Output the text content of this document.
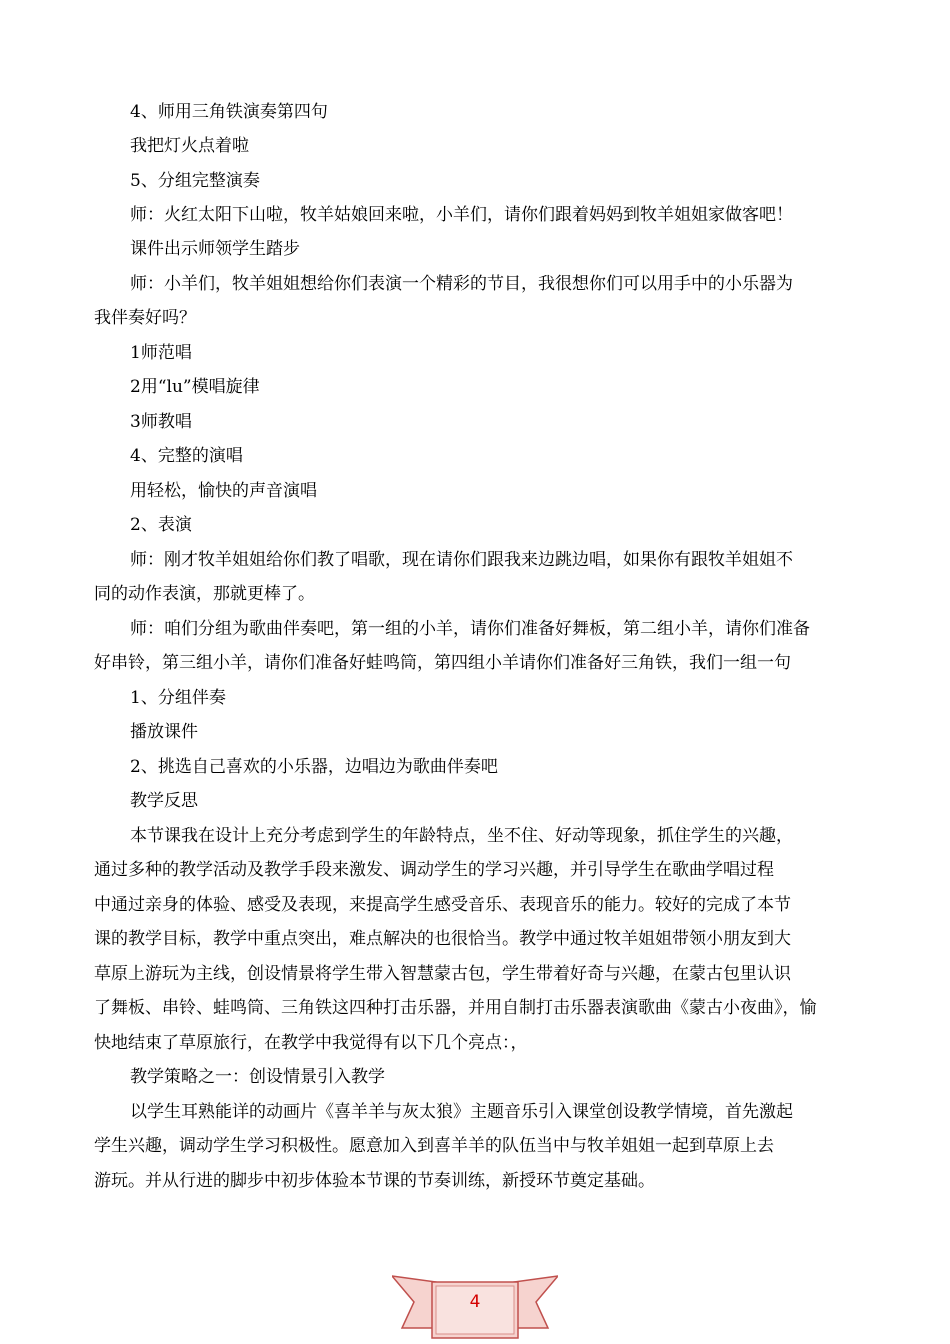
4、师用三角铁演奏第四句

我把灯火点着啦

5、分组完整演奏

师：火红太阳下山啦，牧羊姑娘回来啦，小羊们，请你们跟着妈妈到牧羊姐姐家做客吧！

课件出示师领学生踏步

师：小羊们，牧羊姐姐想给你们表演一个精彩的节目，我很想你们可以用手中的小乐器为

我伴奏好吗？

1师范唱

2用“lu”模唱旋律

3师教唱

4、完整的演唱

用轻松，愉快的声音演唱

2、表演

师：刚才牧羊姐姐给你们教了唱歌，现在请你们跟我来边跳边唱，如果你有跟牧羊姐姐不

同的动作表演，那就更棒了。

师：咱们分组为歌曲伴奏吧，第一组的小羊，请你们准备好舞板，第二组小羊，请你们准备

好串铃，第三组小羊，请你们准备好蛙鸣筒，第四组小羊请你们准备好三角铁，我们一组一句

1、分组伴奏

播放课件

2、挑选自己喜欢的小乐器，边唱边为歌曲伴奏吧

教学反思

本节课我在设计上充分考虑到学生的年龄特点，坐不住、好动等现象，抓住学生的兴趣，

通过多种的教学活动及教学手段来激发、调动学生的学习兴趣，并引导学生在歌曲学唱过程

中通过亲身的体验、感受及表现，来提高学生感受音乐、表现音乐的能力。较好的完成了本节

课的教学目标，教学中重点突出，难点解决的也很恰当。教学中通过牧羊姐姐带领小朋友到大

草原上游玩为主线，创设情景将学生带入智慧蒙古包，学生带着好奇与兴趣，在蒙古包里认识

了舞板、串铃、蛙鸣筒、三角铁这四种打击乐器，并用自制打击乐器表演歌曲《蒙古小夜曲》，愉

快地结束了草原旅行，在教学中我觉得有以下几个亮点：，

教学策略之一：创设情景引入教学

以学生耳熟能详的动画片《喜羊羊与灰太狼》主题音乐引入课堂创设教学情境，首先激起

学生兴趣，调动学生学习积极性。愿意加入到喜羊羊的队伍当中与牧羊姐姐一起到草原上去

游玩。并从行进的脚步中初步体验本节课的节奏训练，新授环节奠定基础。

4
